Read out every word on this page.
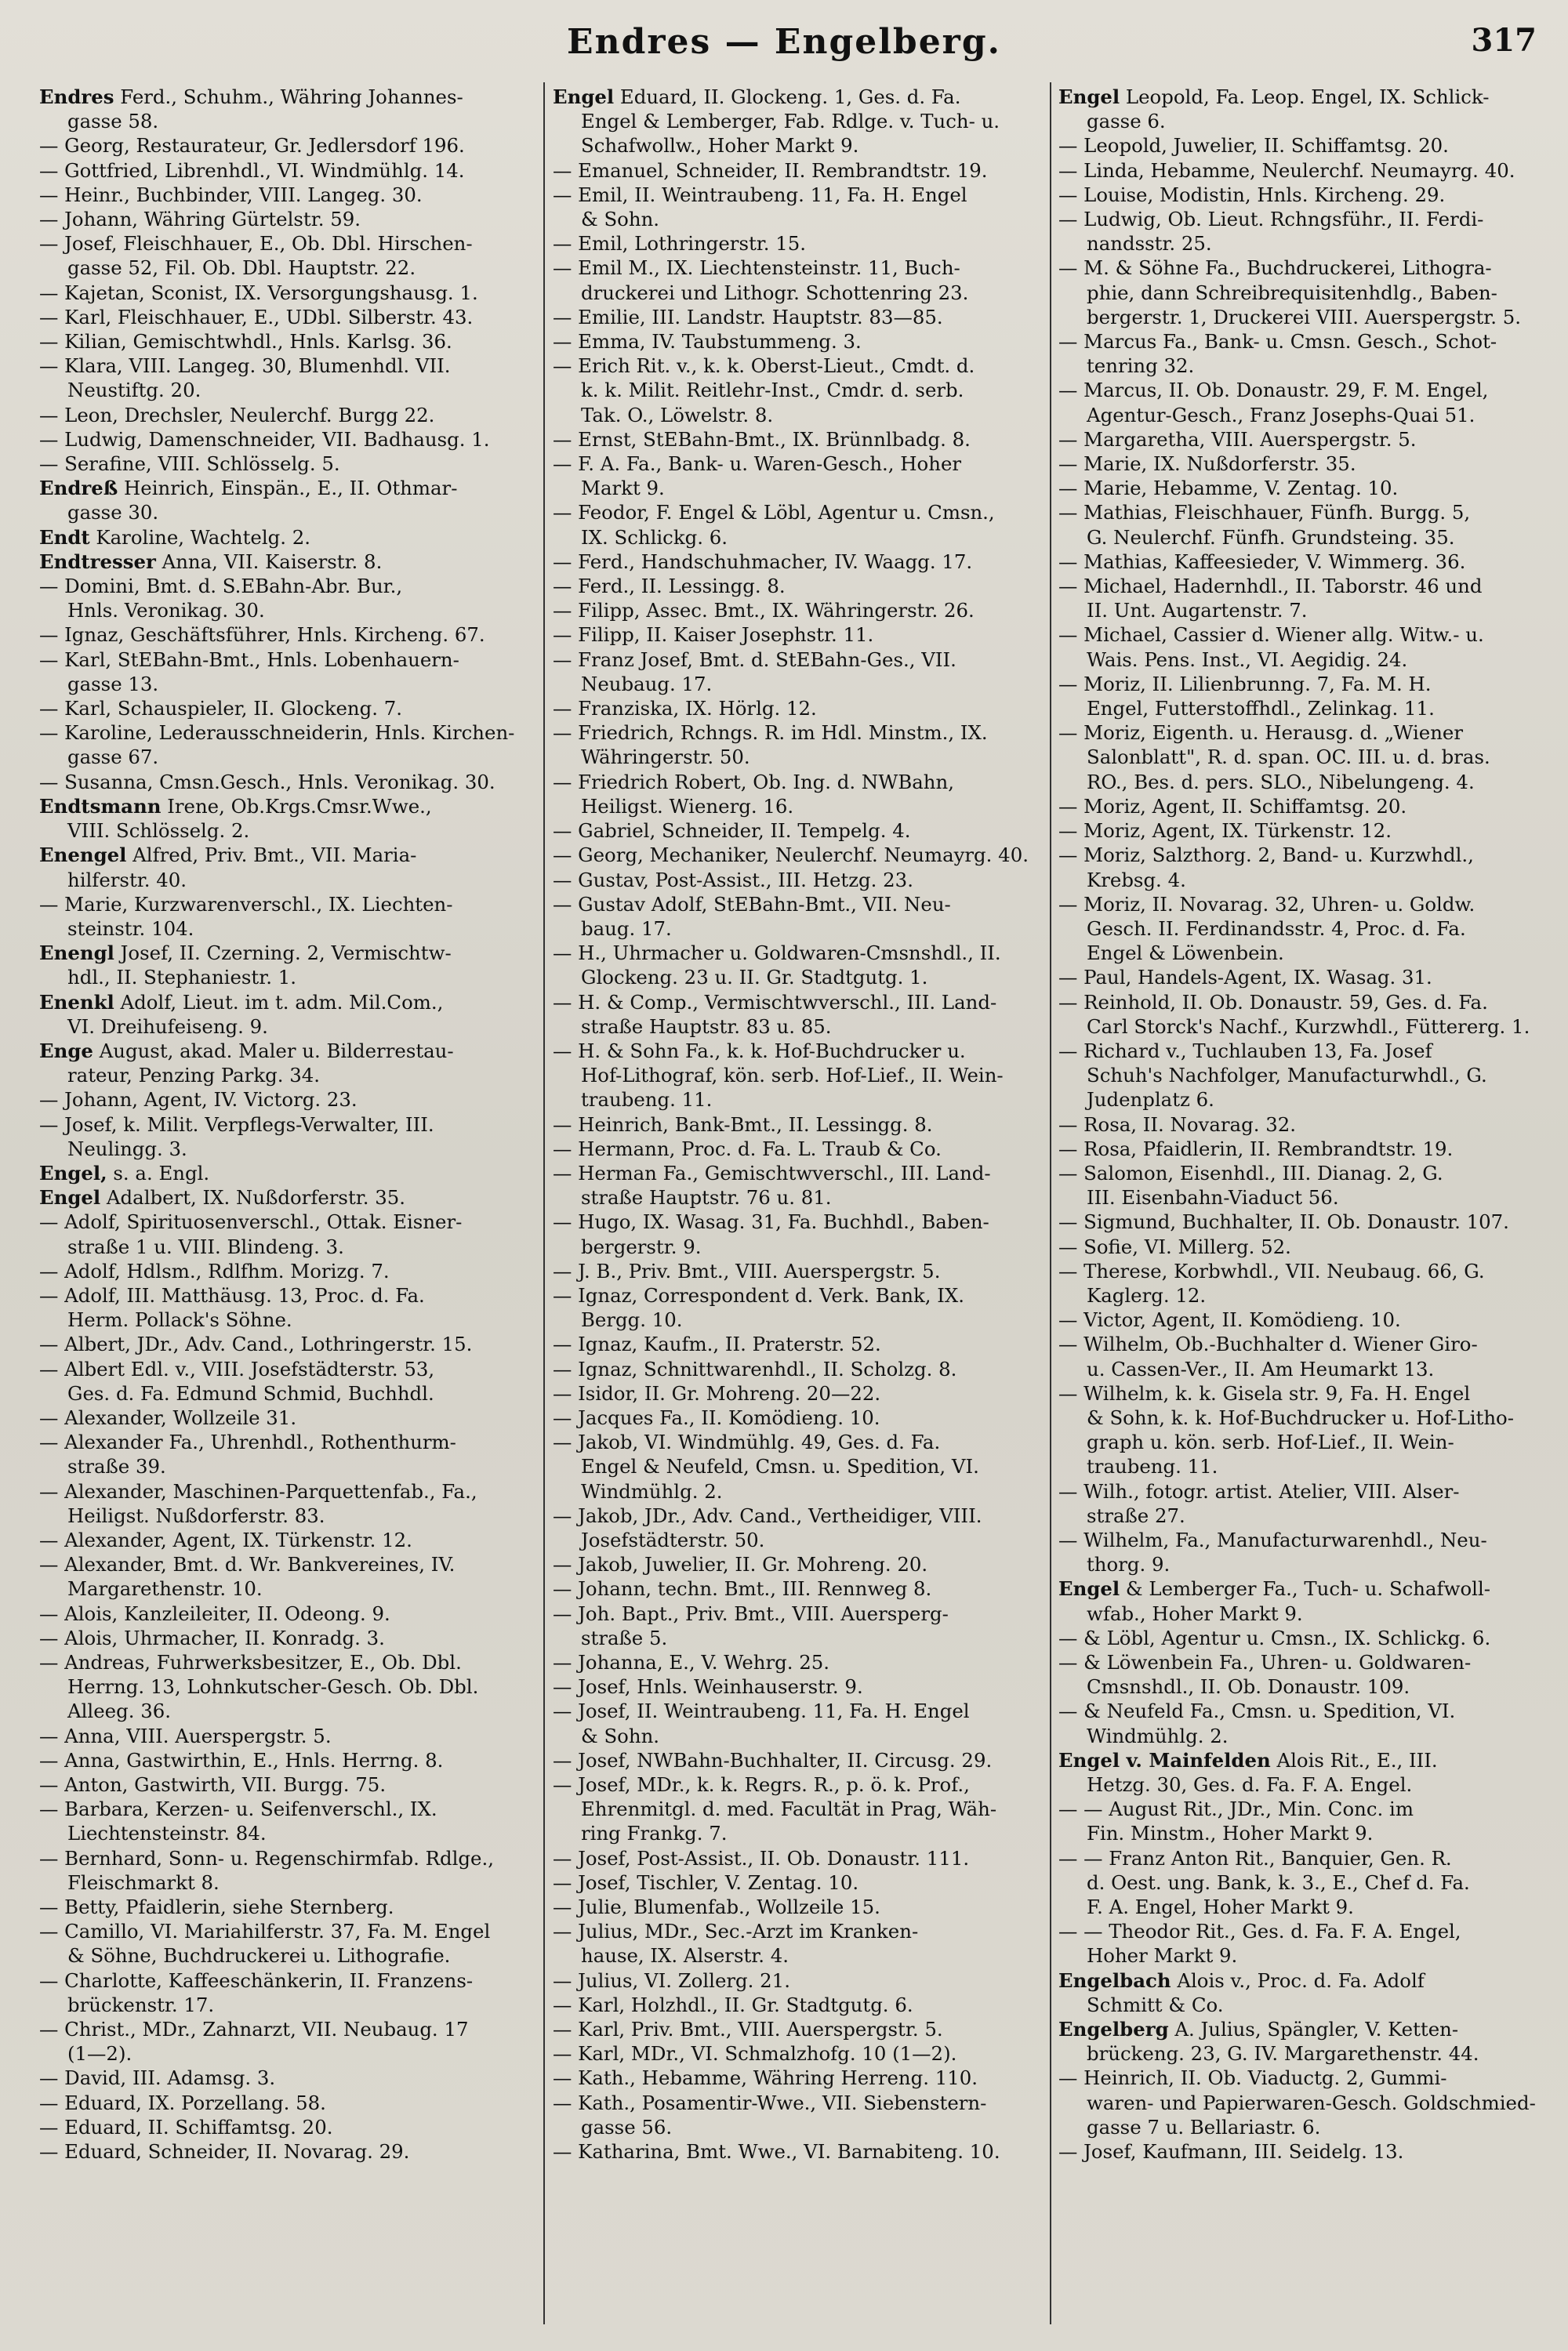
Endres — Engelberg.	317
Endres Ferd., Schuhm., Währing Johannes-
gasse 58.
— Georg, Restaurateur, Gr. Jedlersdorf 196.
— Gottfried, Librenhdl., VI. Windmühlg. 14.
— Heinr., Buchbinder, VIII. Langeg. 30.
— Johann, Währing Gürtelstr. 59.
— Josef, Fleischhauer, E., Ob. Dbl. Hirschen-
gasse 52, Fil. Ob. Dbl. Hauptstr. 22.
— Kajetan, Sconist, IX. Versorgungshausg. 1.
— Karl, Fleischhauer, E., UDbl. Silberstr. 43.
— Kilian, Gemischtwhdl., Hnls. Karlsg. 36.
— Klara, VIII. Langeg. 30, Blumenhdl. VII.
Neustiftg. 20.
— Leon, Drechsler, Neulerchf. Burgg 22.
— Ludwig, Damenschneider, VII. Badhausg. 1.
— Serafine, VIII. Schlösselg. 5.
Endreß Heinrich, Einspän., E., II. Othmar-
gasse 30.
Endt Karoline, Wachtelg. 2.
Endtresser Anna, VII. Kaiserstr. 8.
— Domini, Bmt. d. S.EBahn-Abr. Bur.,
Hnls. Veronikag. 30.
— Ignaz, Geschäftsführer, Hnls. Kircheng. 67.
— Karl, StEBahn-Bmt., Hnls. Lobenhauern-
gasse 13.
— Karl, Schauspieler, II. Glockeng. 7.
— Karoline, Lederausschneiderin, Hnls. Kirchen-
gasse 67.
— Susanna, Cmsn.Gesch., Hnls. Veronikag. 30.
Endtsmann Irene, Ob.Krgs.Cmsr.Wwe.,
VIII. Schlösselg. 2.
Enengel Alfred, Priv. Bmt., VII. Maria-
hilferstr. 40.
— Marie, Kurzwarenverschl., IX. Liechten-
steinstr. 104.
Enengl Josef, II. Czerning. 2, Vermischtw-
hdl., II. Stephaniestr. 1.
Enenkl Adolf, Lieut. im t. adm. Mil.Com.,
VI. Dreihufeiseng. 9.
Enge August, akad. Maler u. Bilderrestau-
rateur, Penzing Parkg. 34.
— Johann, Agent, IV. Victorg. 23.
— Josef, k. Milit. Verpflegs-Verwalter, III.
Neulingg. 3.
Engel, s. a. Engl.
Engel Adalbert, IX. Nußdorferstr. 35.
— Adolf, Spirituosenverschl., Ottak. Eisner-
straße 1 u. VIII. Blindeng. 3.
— Adolf, Hdlsm., Rdlfhm. Morizg. 7.
— Adolf, III. Matthäusg. 13, Proc. d. Fa.
Herm. Pollack's Söhne.
— Albert, JDr., Adv. Cand., Lothringerstr. 15.
— Albert Edl. v., VIII. Josefstädterstr. 53,
Ges. d. Fa. Edmund Schmid, Buchhdl.
— Alexander, Wollzeile 31.
— Alexander Fa., Uhrenhdl., Rothenthurm-
straße 39.
— Alexander, Maschinen-Parquettenfab., Fa.,
Heiligst. Nußdorferstr. 83.
— Alexander, Agent, IX. Türkenstr. 12.
— Alexander, Bmt. d. Wr. Bankvereines, IV.
Margarethenstr. 10.
— Alois, Kanzleileiter, II. Odeong. 9.
— Alois, Uhrmacher, II. Konradg. 3.
— Andreas, Fuhrwerksbesitzer, E., Ob. Dbl.
Herrng. 13, Lohnkutscher-Gesch. Ob. Dbl.
Alleeg. 36.
— Anna, VIII. Auerspergstr. 5.
— Anna, Gastwirthin, E., Hnls. Herrng. 8.
— Anton, Gastwirth, VII. Burgg. 75.
— Barbara, Kerzen- u. Seifenverschl., IX.
Liechtensteinstr. 84.
— Bernhard, Sonn- u. Regenschirmfab. Rdlge.,
Fleischmarkt 8.
— Betty, Pfaidlerin, siehe Sternberg.
— Camillo, VI. Mariahilferstr. 37, Fa. M. Engel
& Söhne, Buchdruckerei u. Lithografie.
— Charlotte, Kaffeeschänkerin, II. Franzens-
brückenstr. 17.
— Christ., MDr., Zahnarzt, VII. Neubaug. 17
(1—2).
— David, III. Adamsg. 3.
— Eduard, IX. Porzellang. 58.
— Eduard, II. Schiffamtsg. 20.
— Eduard, Schneider, II. Novarag. 29.
Engel Eduard, II. Glockeng. 1, Ges. d. Fa.
Engel & Lemberger, Fab. Rdlge. v. Tuch- u.
Schafwollw., Hoher Markt 9.
— Emanuel, Schneider, II. Rembrandtstr. 19.
— Emil, II. Weintraubeng. 11, Fa. H. Engel
& Sohn.
— Emil, Lothringerstr. 15.
— Emil M., IX. Liechtensteinstr. 11, Buch-
druckerei und Lithogr. Schottenring 23.
— Emilie, III. Landstr. Hauptstr. 83—85.
— Emma, IV. Taubstummeng. 3.
— Erich Rit. v., k. k. Oberst-Lieut., Cmdt. d.
k. k. Milit. Reitlehr-Inst., Cmdr. d. serb.
Tak. O., Löwelstr. 8.
— Ernst, StEBahn-Bmt., IX. Brünnlbadg. 8.
— F. A. Fa., Bank- u. Waren-Gesch., Hoher
Markt 9.
— Feodor, F. Engel & Löbl, Agentur u. Cmsn.,
IX. Schlickg. 6.
— Ferd., Handschuhmacher, IV. Waagg. 17.
— Ferd., II. Lessingg. 8.
— Filipp, Assec. Bmt., IX. Währingerstr. 26.
— Filipp, II. Kaiser Josephstr. 11.
— Franz Josef, Bmt. d. StEBahn-Ges., VII.
Neubaug. 17.
— Franziska, IX. Hörlg. 12.
— Friedrich, Rchngs. R. im Hdl. Minstm., IX.
Währingerstr. 50.
— Friedrich Robert, Ob. Ing. d. NWBahn,
Heiligst. Wienerg. 16.
— Gabriel, Schneider, II. Tempelg. 4.
— Georg, Mechaniker, Neulerchf. Neumayrg. 40.
— Gustav, Post-Assist., III. Hetzg. 23.
— Gustav Adolf, StEBahn-Bmt., VII. Neu-
baug. 17.
— H., Uhrmacher u. Goldwaren-Cmsnshdl., II.
Glockeng. 23 u. II. Gr. Stadtgutg. 1.
— H. & Comp., Vermischtwverschl., III. Land-
straße Hauptstr. 83 u. 85.
— H. & Sohn Fa., k. k. Hof-Buchdrucker u.
Hof-Lithograf, kön. serb. Hof-Lief., II. Wein-
traubeng. 11.
— Heinrich, Bank-Bmt., II. Lessingg. 8.
— Hermann, Proc. d. Fa. L. Traub & Co.
— Herman Fa., Gemischtwverschl., III. Land-
straße Hauptstr. 76 u. 81.
— Hugo, IX. Wasag. 31, Fa. Buchhdl., Baben-
bergerstr. 9.
— J. B., Priv. Bmt., VIII. Auerspergstr. 5.
— Ignaz, Correspondent d. Verk. Bank, IX.
Bergg. 10.
— Ignaz, Kaufm., II. Praterstr. 52.
— Ignaz, Schnittwarenhdl., II. Scholzg. 8.
— Isidor, II. Gr. Mohreng. 20—22.
— Jacques Fa., II. Komödieng. 10.
— Jakob, VI. Windmühlg. 49, Ges. d. Fa.
Engel & Neufeld, Cmsn. u. Spedition, VI.
Windmühlg. 2.
— Jakob, JDr., Adv. Cand., Vertheidiger, VIII.
Josefstädterstr. 50.
— Jakob, Juwelier, II. Gr. Mohreng. 20.
— Johann, techn. Bmt., III. Rennweg 8.
— Joh. Bapt., Priv. Bmt., VIII. Auersperg-
straße 5.
— Johanna, E., V. Wehrg. 25.
— Josef, Hnls. Weinhauserstr. 9.
— Josef, II. Weintraubeng. 11, Fa. H. Engel
& Sohn.
— Josef, NWBahn-Buchhalter, II. Circusg. 29.
— Josef, MDr., k. k. Regrs. R., p. ö. k. Prof.,
Ehrenmitgl. d. med. Facultät in Prag, Wäh-
ring Frankg. 7.
— Josef, Post-Assist., II. Ob. Donaustr. 111.
— Josef, Tischler, V. Zentag. 10.
— Julie, Blumenfab., Wollzeile 15.
— Julius, MDr., Sec.-Arzt im Kranken-
hause, IX. Alserstr. 4.
— Julius, VI. Zollerg. 21.
— Karl, Holzhdl., II. Gr. Stadtgutg. 6.
— Karl, Priv. Bmt., VIII. Auerspergstr. 5.
— Karl, MDr., VI. Schmalzhofg. 10 (1—2).
— Kath., Hebamme, Währing Herreng. 110.
— Kath., Posamentir-Wwe., VII. Siebenstern-
gasse 56.
— Katharina, Bmt. Wwe., VI. Barnabiteng. 10.
Engel Leopold, Fa. Leop. Engel, IX. Schlick-
gasse 6.
— Leopold, Juwelier, II. Schiffamtsg. 20.
— Linda, Hebamme, Neulerchf. Neumayrg. 40.
— Louise, Modistin, Hnls. Kircheng. 29.
— Ludwig, Ob. Lieut. Rchngsführ., II. Ferdi-
nandsstr. 25.
— M. & Söhne Fa., Buchdruckerei, Lithogra-
phie, dann Schreibrequisitenhdlg., Baben-
bergerstr. 1, Druckerei VIII. Auerspergstr. 5.
— Marcus Fa., Bank- u. Cmsn. Gesch., Schot-
tenring 32.
— Marcus, II. Ob. Donaustr. 29, F. M. Engel,
Agentur-Gesch., Franz Josephs-Quai 51.
— Margaretha, VIII. Auerspergstr. 5.
— Marie, IX. Nußdorferstr. 35.
— Marie, Hebamme, V. Zentag. 10.
— Mathias, Fleischhauer, Fünfh. Burgg. 5,
G. Neulerchf. Fünfh. Grundsteing. 35.
— Mathias, Kaffeesieder, V. Wimmerg. 36.
— Michael, Hadernhdl., II. Taborstr. 46 und
II. Unt. Augartenstr. 7.
— Michael, Cassier d. Wiener allg. Witw.- u.
Wais. Pens. Inst., VI. Aegidig. 24.
— Moriz, II. Lilienbrunng. 7, Fa. M. H.
Engel, Futterstoffhdl., Zelinkag. 11.
— Moriz, Eigenth. u. Herausg. d. „Wiener
Salonblatt", R. d. span. OC. III. u. d. bras.
RO., Bes. d. pers. SLO., Nibelungeng. 4.
— Moriz, Agent, II. Schiffamtsg. 20.
— Moriz, Agent, IX. Türkenstr. 12.
— Moriz, Salzthorg. 2, Band- u. Kurzwhdl.,
Krebsg. 4.
— Moriz, II. Novarag. 32, Uhren- u. Goldw.
Gesch. II. Ferdinandsstr. 4, Proc. d. Fa.
Engel & Löwenbein.
— Paul, Handels-Agent, IX. Wasag. 31.
— Reinhold, II. Ob. Donaustr. 59, Ges. d. Fa.
Carl Storck's Nachf., Kurzwhdl., Füttererg. 1.
— Richard v., Tuchlauben 13, Fa. Josef
Schuh's Nachfolger, Manufacturwhdl., G.
Judenplatz 6.
— Rosa, II. Novarag. 32.
— Rosa, Pfaidlerin, II. Rembrandtstr. 19.
— Salomon, Eisenhdl., III. Dianag. 2, G.
III. Eisenbahn-Viaduct 56.
— Sigmund, Buchhalter, II. Ob. Donaustr. 107.
— Sofie, VI. Millerg. 52.
— Therese, Korbwhdl., VII. Neubaug. 66, G.
Kaglerg. 12.
— Victor, Agent, II. Komödieng. 10.
— Wilhelm, Ob.-Buchhalter d. Wiener Giro-
u. Cassen-Ver., II. Am Heumarkt 13.
— Wilhelm, k. k. Gisela str. 9, Fa. H. Engel
& Sohn, k. k. Hof-Buchdrucker u. Hof-Litho-
graph u. kön. serb. Hof-Lief., II. Wein-
traubeng. 11.
— Wilh., fotogr. artist. Atelier, VIII. Alser-
straße 27.
— Wilhelm, Fa., Manufacturwarenhdl., Neu-
thorg. 9.
Engel & Lemberger Fa., Tuch- u. Schafwoll-
wfab., Hoher Markt 9.
— & Löbl, Agentur u. Cmsn., IX. Schlickg. 6.
— & Löwenbein Fa., Uhren- u. Goldwaren-
Cmsnshdl., II. Ob. Donaustr. 109.
— & Neufeld Fa., Cmsn. u. Spedition, VI.
Windmühlg. 2.
Engel v. Mainfelden Alois Rit., E., III.
Hetzg. 30, Ges. d. Fa. F. A. Engel.
— — August Rit., JDr., Min. Conc. im
Fin. Minstm., Hoher Markt 9.
— — Franz Anton Rit., Banquier, Gen. R.
d. Oest. ung. Bank, k. 3., E., Chef d. Fa.
F. A. Engel, Hoher Markt 9.
— — Theodor Rit., Ges. d. Fa. F. A. Engel,
Hoher Markt 9.
Engelbach Alois v., Proc. d. Fa. Adolf
Schmitt & Co.
Engelberg A. Julius, Spängler, V. Ketten-
brückeng. 23, G. IV. Margarethenstr. 44.
— Heinrich, II. Ob. Viaductg. 2, Gummi-
waren- und Papierwaren-Gesch. Goldschmied-
gasse 7 u. Bellariastr. 6.
— Josef, Kaufmann, III. Seidelg. 13.
